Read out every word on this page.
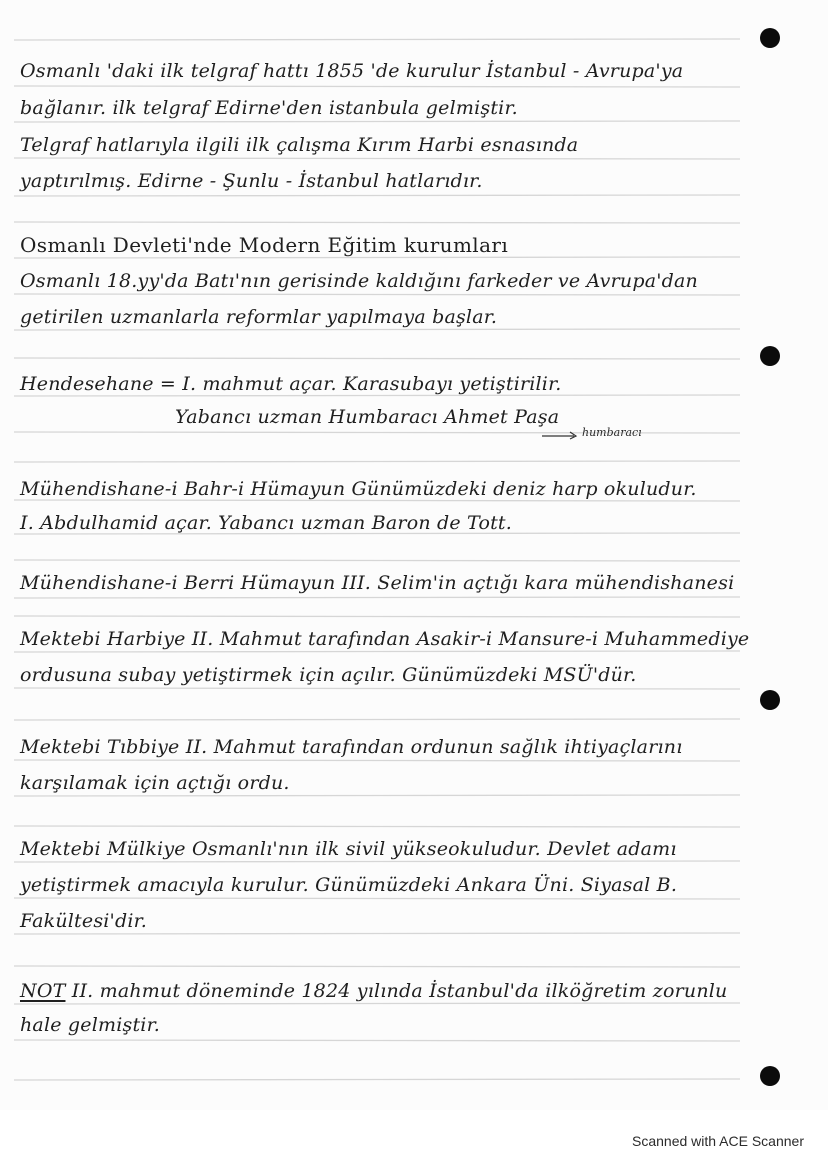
Osmanlı 'daki ilk telgraf hattı 1855 'de kurulur İstanbul - Avrupa'ya
bağlanır. ilk telgraf Edirne'den istanbula gelmiştir.
Telgraf hatlarıyla ilgili ilk çalışma Kırım Harbi esnasında
yaptırılmış. Edirne - Şunlu - İstanbul hatlarıdır.
Osmanlı Devleti'nde Modern Eğitim kurumları
Osmanlı 18.yy'da Batı'nın gerisinde kaldığını farkeder ve Avrupa'dan
getirilen uzmanlarla reformlar yapılmaya başlar.
Hendesehane = I. mahmut açar. Karasubayı yetiştirilir.
humbaracı
Yabancı uzman Humbaracı Ahmet Paşa
Mühendishane-i Bahr-i Hümayun Günümüzdeki deniz harp okuludur.
I. Abdulhamid açar. Yabancı uzman Baron de Tott.
Mühendishane-i Berri Hümayun III. Selim'in açtığı kara mühendishanesi
Mektebi Harbiye II. Mahmut tarafından Asakir-i Mansure-i Muhammediye
ordusuna subay yetiştirmek için açılır. Günümüzdeki MSÜ'dür.
Mektebi Tıbbiye II. Mahmut tarafından ordunun sağlık ihtiyaçlarını
karşılamak için açtığı ordu.
Mektebi Mülkiye Osmanlı'nın ilk sivil yükseokuludur. Devlet adamı
yetiştirmek amacıyla kurulur. Günümüzdeki Ankara Üni. Siyasal B.
Fakültesi'dir.
NOT II. mahmut döneminde 1824 yılında İstanbul'da ilköğretim zorunlu
hale gelmiştir.
Scanned with ACE Scanner
